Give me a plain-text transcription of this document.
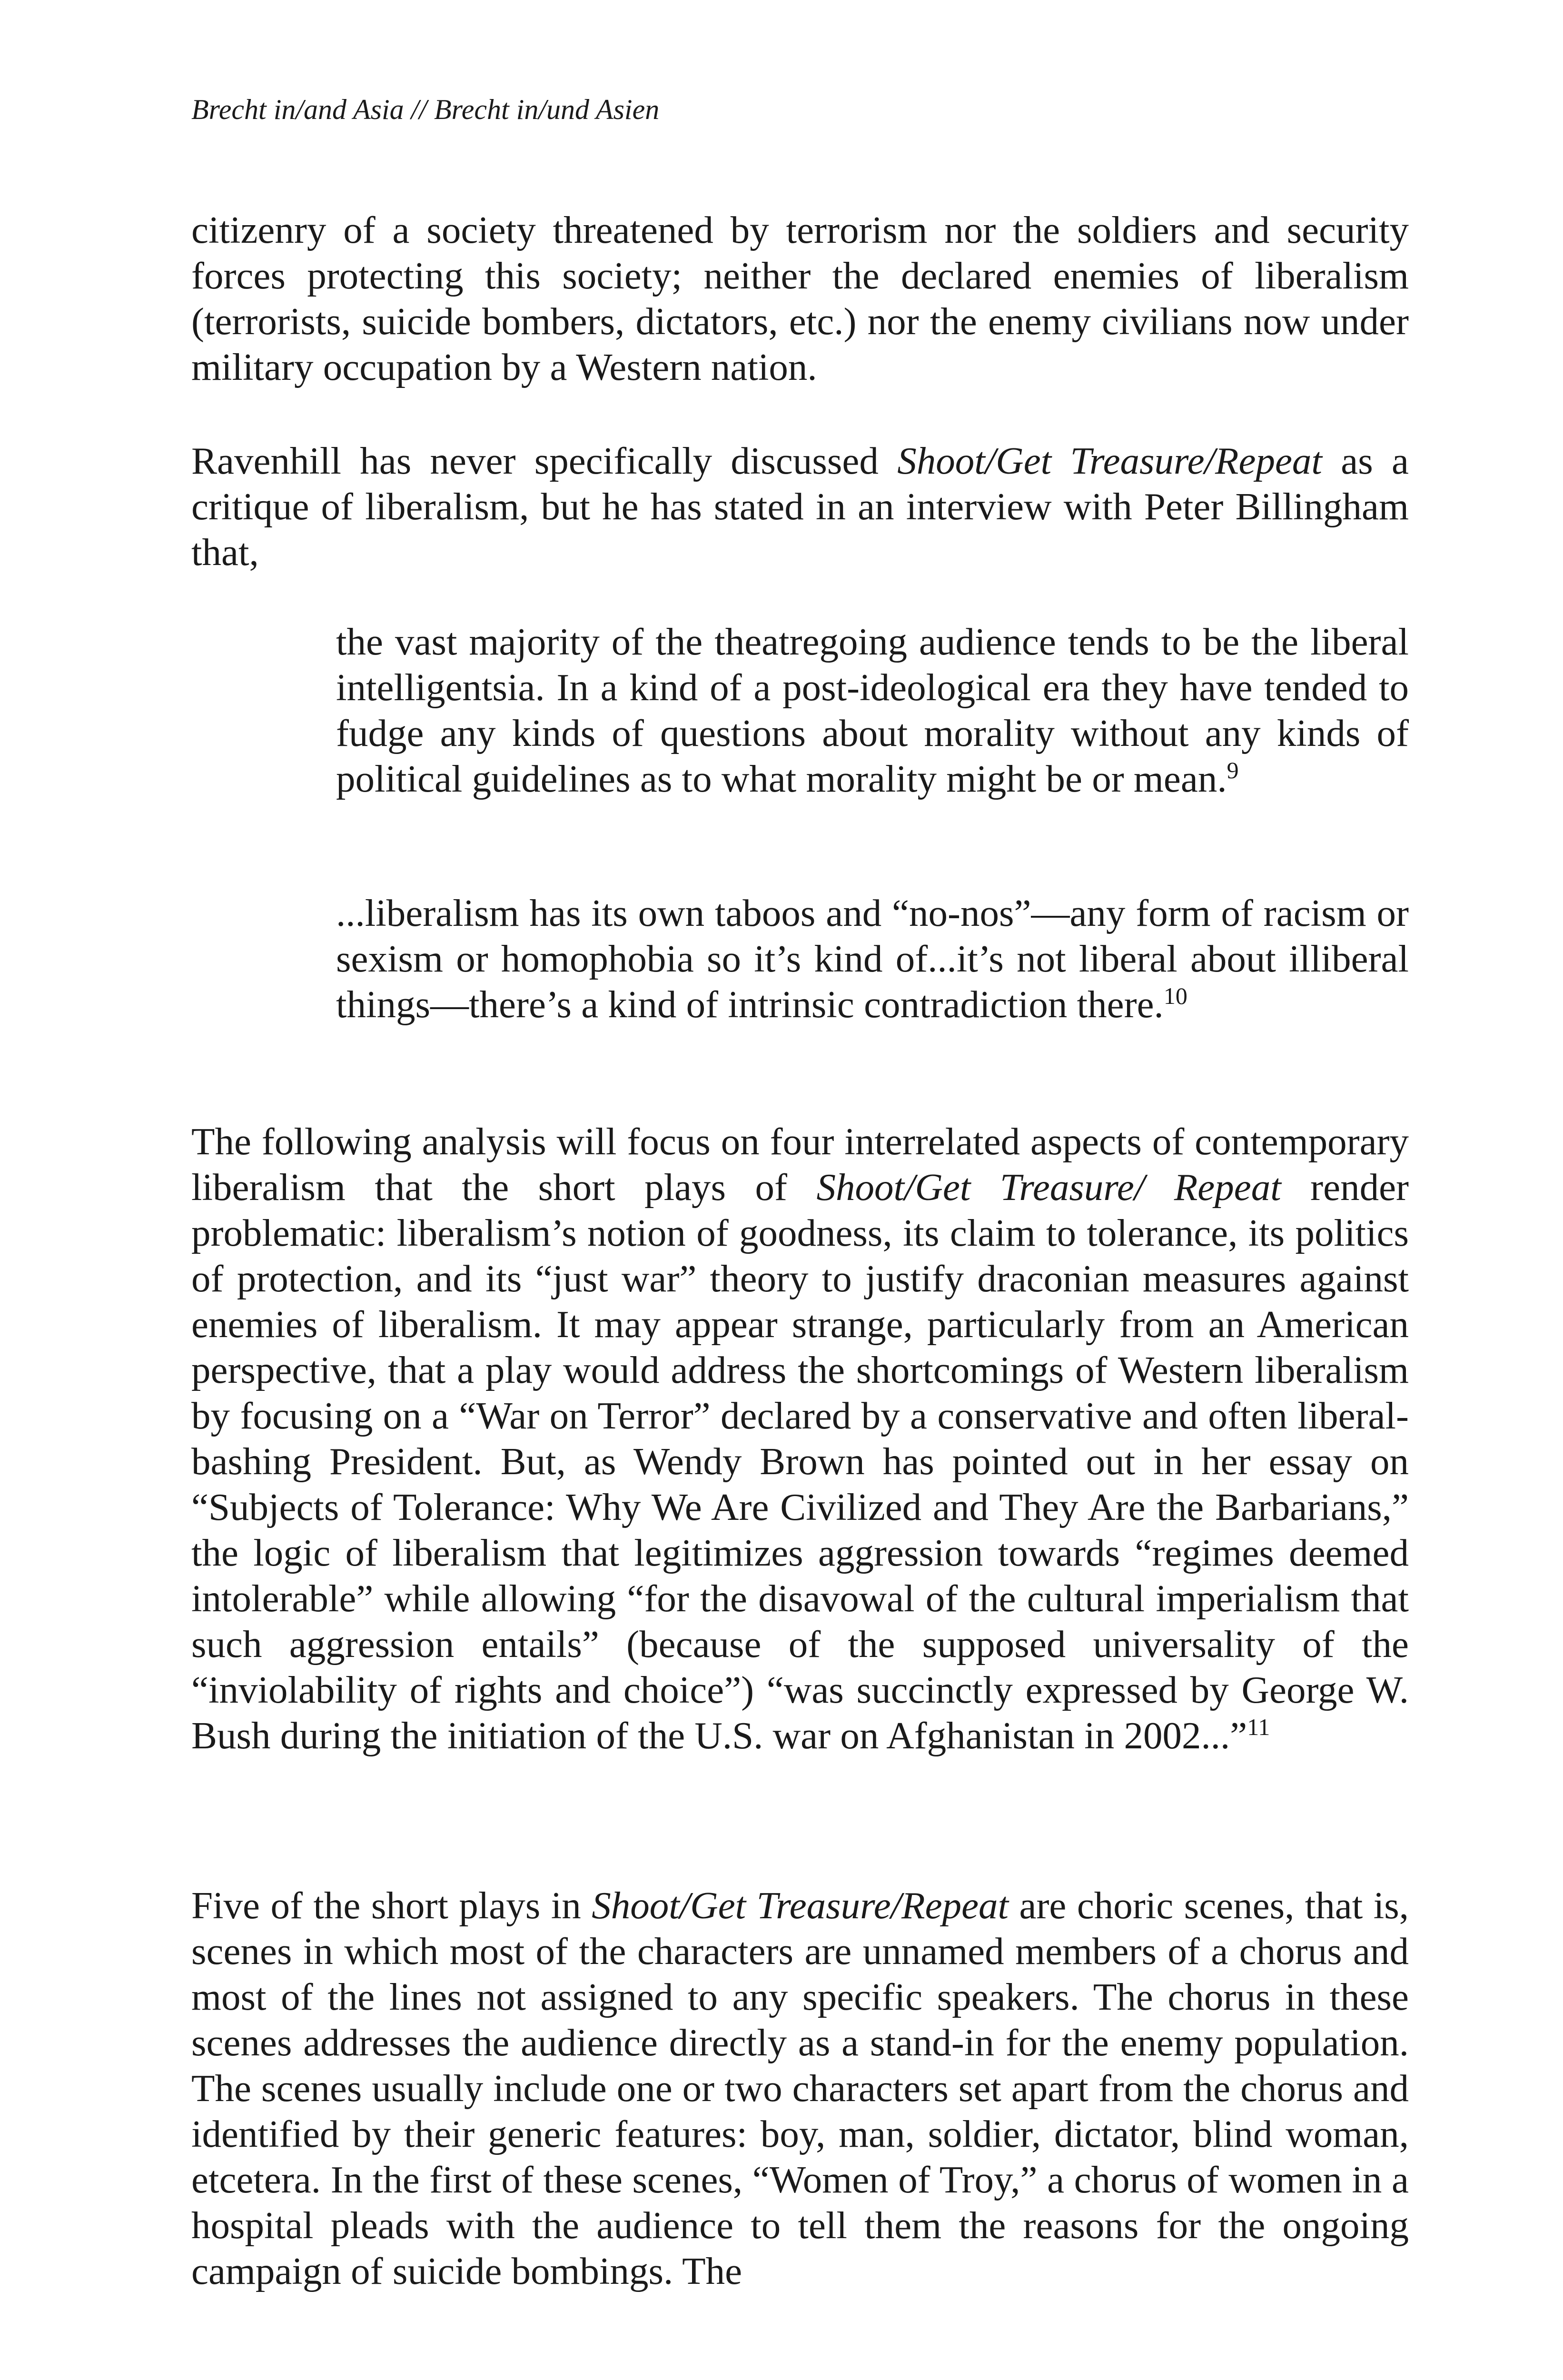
Brecht in/and Asia // Brecht in/und Asien

citizenry of a society threatened by terrorism nor the soldiers and security forces protecting this society; neither the declared enemies of liberalism (terrorists, suicide bombers, dictators, etc.) nor the enemy civilians now under military occupation by a Western nation.

Ravenhill has never specifically discussed Shoot/Get Treasure/Repeat as a critique of liberalism, but he has stated in an interview with Peter Billingham that,

the vast majority of the theatregoing audience tends to be the liberal intelligentsia. In a kind of a post-ideological era they have tended to fudge any kinds of questions about morality without any kinds of political guidelines as to what morality might be or mean.$^9$

...liberalism has its own taboos and “no-nos”—any form of racism or sexism or homophobia so it’s kind of...it’s not liberal about illiberal things—there’s a kind of intrinsic contradiction there.$^{10}$

The following analysis will focus on four interrelated aspects of contemporary liberalism that the short plays of Shoot/Get Treasure/ Repeat render problematic: liberalism’s notion of goodness, its claim to tolerance, its politics of protection, and its “just war” theory to justify draconian measures against enemies of liberalism. It may appear strange, particularly from an American perspective, that a play would address the shortcomings of Western liberalism by focusing on a “War on Terror” declared by a conservative and often liberal-bashing President. But, as Wendy Brown has pointed out in her essay on “Subjects of Tolerance: Why We Are Civilized and They Are the Barbarians,” the logic of liberalism that legitimizes aggression towards “regimes deemed intolerable” while allowing “for the disavowal of the cultural imperialism that such aggression entails” (because of the supposed universality of the “inviolability of rights and choice”) “was succinctly expressed by George W. Bush during the initiation of the U.S. war on Afghanistan in 2002...”$^{11}$

Five of the short plays in Shoot/Get Treasure/Repeat are choric scenes, that is, scenes in which most of the characters are unnamed members of a chorus and most of the lines not assigned to any specific speakers. The chorus in these scenes addresses the audience directly as a stand-in for the enemy population. The scenes usually include one or two characters set apart from the chorus and identified by their generic features: boy, man, soldier, dictator, blind woman, etcetera. In the first of these scenes, “Women of Troy,” a chorus of women in a hospital pleads with the audience to tell them the reasons for the ongoing campaign of suicide bombings. The
